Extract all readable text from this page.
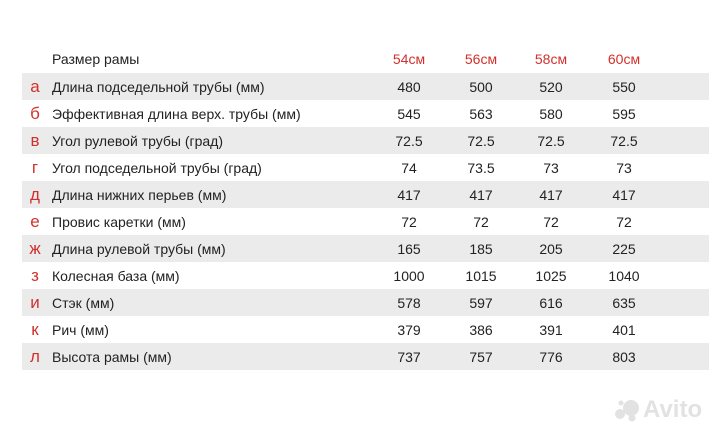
Размер рамы	54см	56см	58см	60см
а Длина подседельной трубы (мм)	480	500	520	550
б Эффективная длина верх. трубы (мм)	545	563	580	595
в Угол рулевой трубы (град)	72.5	72.5	72.5	72.5
г Угол подседельной трубы (град)	74	73.5	73	73
д Длина нижних перьев (мм)	417	417	417	417
е Провис каретки (мм)	72	72	72	72
ж Длина рулевой трубы (мм)	165	185	205	225
з Колесная база (мм)	1000	1015	1025	1040
и Стэк (мм)	578	597	616	635
к Рич (мм)	379	386	391	401
л Высота рамы (мм)	737	757	776	803
Avito
